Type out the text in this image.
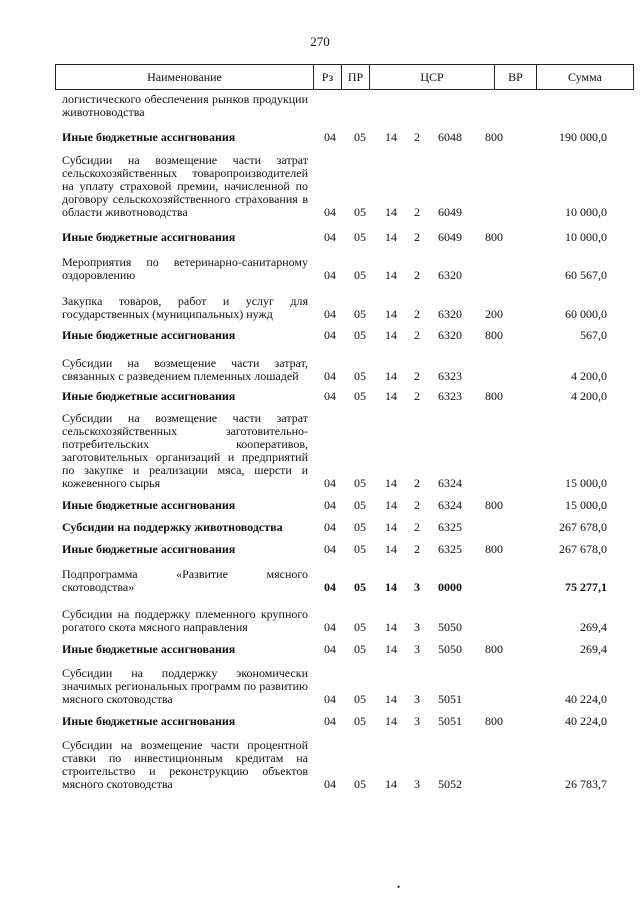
270
Наименование	Рз	ПР	ЦСР	ВР	Сумма
логистического обеспечения рынков продукции животноводства
Иные бюджетные ассигнования	04 05 14 2 6048 800	190 000,0
Субсидии на возмещение части затрат сельскохозяйственных товаропроизводителей на уплату страховой премии, начисленной по договору сельскохозяйственного страхования в области животноводства	04 05 14 2 6049	10 000,0
Иные бюджетные ассигнования	04 05 14 2 6049 800	10 000,0
Мероприятия по ветеринарно-санитарному оздоровлению	04 05 14 2 6320	60 567,0
Закупка товаров, работ и услуг для государственных (муниципальных) нужд	04 05 14 2 6320 200	60 000,0
Иные бюджетные ассигнования	04 05 14 2 6320 800	567,0
Субсидии на возмещение части затрат, связанных с разведением племенных лошадей	04 05 14 2 6323	4 200,0
Иные бюджетные ассигнования	04 05 14 2 6323 800	4 200,0
Субсидии на возмещение части затрат сельскохозяйственных заготовительно-потребительских кооперативов, заготовительных организаций и предприятий по закупке и реализации мяса, шерсти и кожевенного сырья	04 05 14 2 6324	15 000,0
Иные бюджетные ассигнования	04 05 14 2 6324 800	15 000,0
Субсидии на поддержку животноводства	04 05 14 2 6325	267 678,0
Иные бюджетные ассигнования	04 05 14 2 6325 800	267 678,0
Подпрограмма «Развитие мясного скотоводства»	04 05 14 3 0000	75 277,1
Субсидии на поддержку племенного крупного рогатого скота мясного направления	04 05 14 3 5050	269,4
Иные бюджетные ассигнования	04 05 14 3 5050 800	269,4
Субсидии на поддержку экономически значимых региональных программ по развитию мясного скотоводства	04 05 14 3 5051	40 224,0
Иные бюджетные ассигнования	04 05 14 3 5051 800	40 224,0
Субсидии на возмещение части процентной ставки по инвестиционным кредитам на строительство и реконструкцию объектов мясного скотоводства	04 05 14 3 5052	26 783,7
•
